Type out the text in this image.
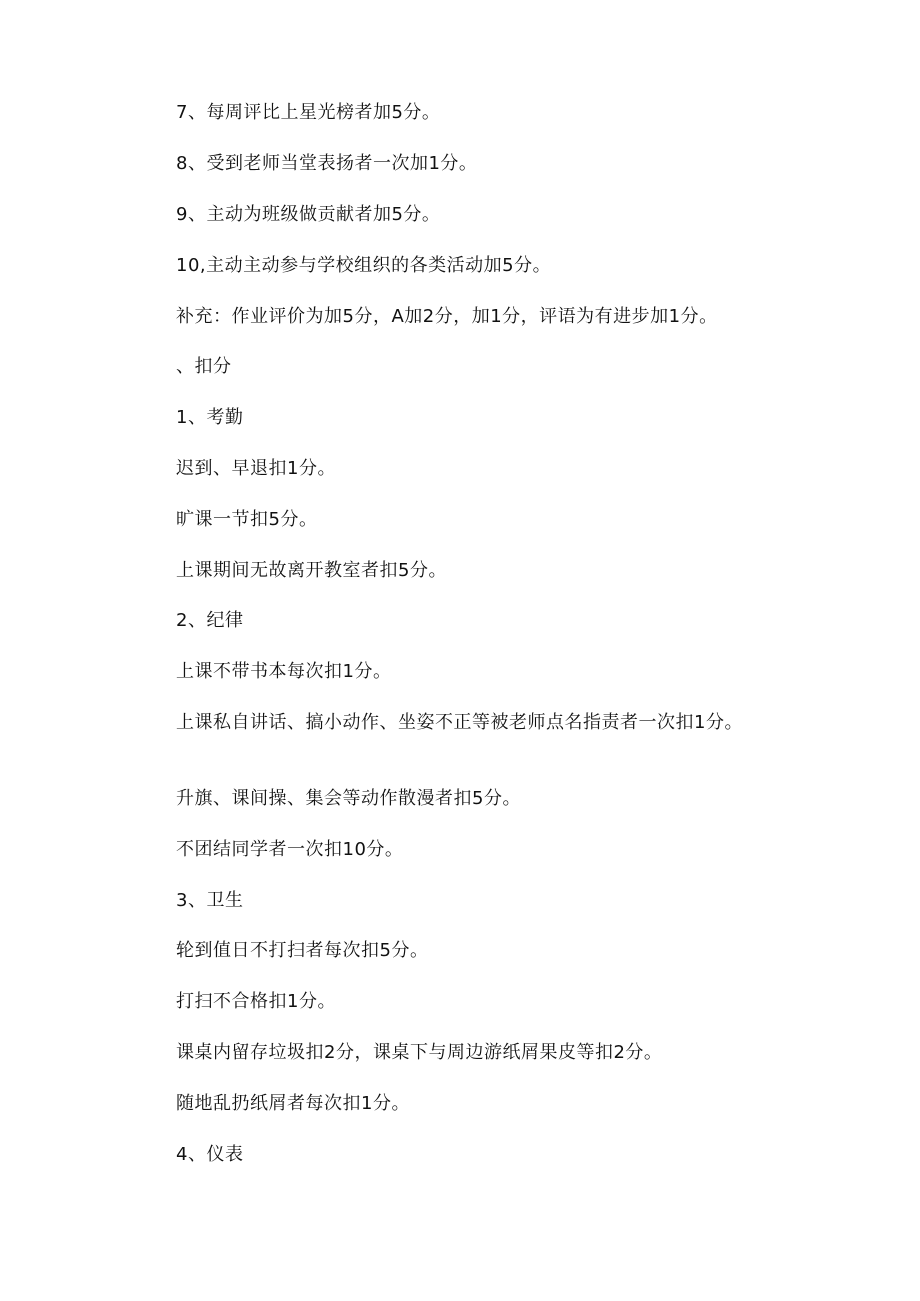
7、每周评比上星光榜者加5分。
8、受到老师当堂表扬者一次加1分。
9、主动为班级做贡献者加5分。
10,主动主动参与学校组织的各类活动加5分。
补充：作业评价为加5分，A加2分，加1分，评语为有进步加1分。
、扣分
1、考勤
迟到、早退扣1分。
旷课一节扣5分。
上课期间无故离开教室者扣5分。
2、纪律
上课不带书本每次扣1分。
上课私自讲话、搞小动作、坐姿不正等被老师点名指责者一次扣1分。
升旗、课间操、集会等动作散漫者扣5分。
不团结同学者一次扣10分。
3、卫生
轮到值日不打扫者每次扣5分。
打扫不合格扣1分。
课桌内留存垃圾扣2分，课桌下与周边游纸屑果皮等扣2分。
随地乱扔纸屑者每次扣1分。
4、仪表
